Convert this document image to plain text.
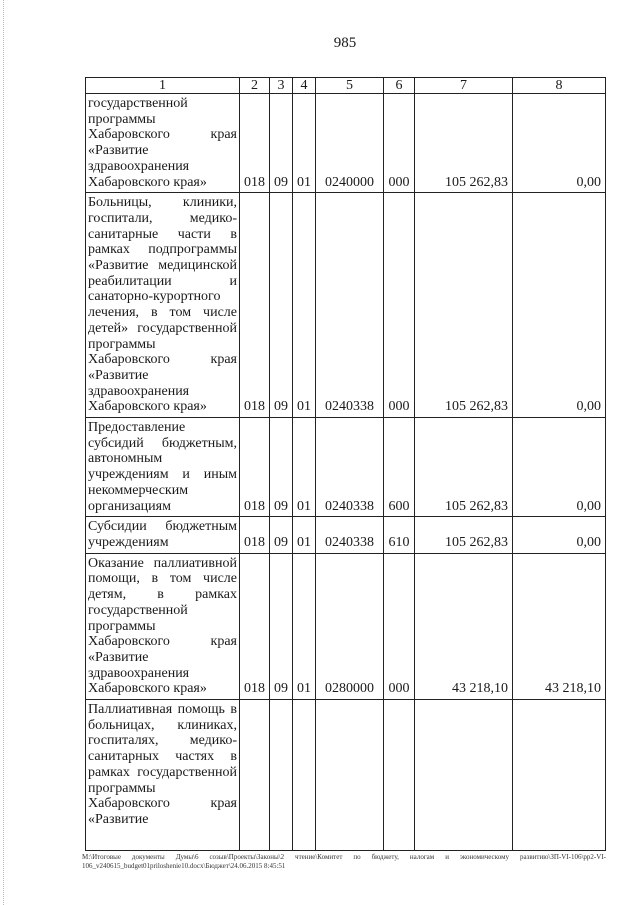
985
1	2	3	4	5	6	7	8
государственной программы Хабаровского края «Развитие здравоохранения Хабаровского края»	018	09	01	0240000	000	105 262,83	0,00
Больницы, клиники, госпитали, медико-санитарные части в рамках подпрограммы «Развитие медицинской реабилитации и санаторно-курортного лечения, в том числе детей» государственной программы Хабаровского края «Развитие здравоохранения Хабаровского края»	018	09	01	0240338	000	105 262,83	0,00
Предоставление субсидий бюджетным, автономным учреждениям и иным некоммерческим организациям	018	09	01	0240338	600	105 262,83	0,00
Субсидии бюджетным учреждениям	018	09	01	0240338	610	105 262,83	0,00
Оказание паллиативной помощи, в том числе детям, в рамках государственной программы Хабаровского края «Развитие здравоохранения Хабаровского края»	018	09	01	0280000	000	43 218,10	43 218,10
Паллиативная помощь в больницах, клиниках, госпиталях, медико-санитарных частях в рамках государственной программы Хабаровского края «Развитие							
М:\Итоговые документы Думы\6 созыв\Проекты\Законы\2 чтение\Комитет по бюджету, налогам и экономическому развитию\ЗП-VI-106\pp2-VI-
106_v240615_budget01priloshenie10.docx\Бюджет\24.06.2015 8:45:51
